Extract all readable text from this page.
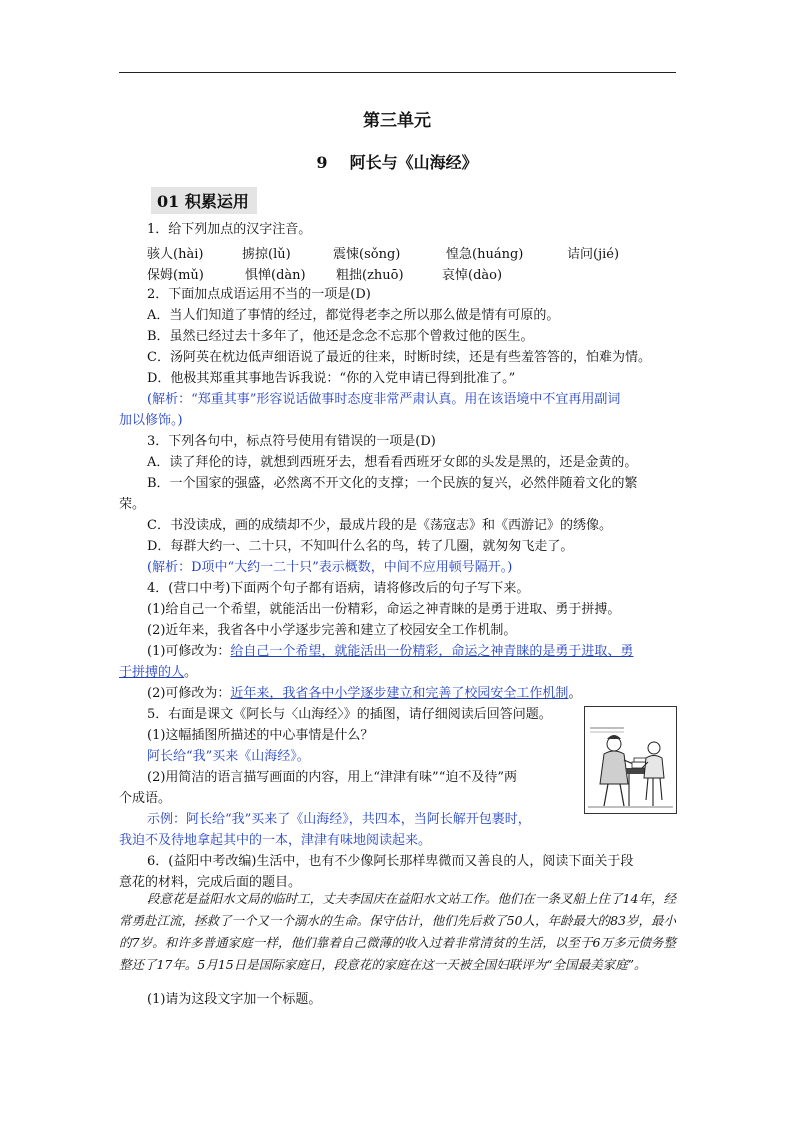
第三单元
9 阿长与《山海经》
01 积累运用
1．给下列加点的汉字注音。
骇人(hài)	掳掠(lǔ)	震悚(sǒng)	惶急(huáng)	诘问(jié)
保姆(mǔ)	惧惮(dàn) 粗拙(zhuō)	哀悼(dào)
2．下面加点成语运用不当的一项是(D)
A．当人们知道了事情的经过，都觉得老李之所以那么做是情有可原的。
B．虽然已经过去十多年了，他还是念念不忘那个曾救过他的医生。
C．汤阿英在枕边低声细语说了最近的往来，时断时续，还是有些羞答答的，怕难为情。
D．他极其郑重其事地告诉我说：“你的入党申请已得到批准了。”
(解析：“郑重其事”形容说话做事时态度非常严肃认真。用在该语境中不宜再用副词
加以修饰。)
3．下列各句中，标点符号使用有错误的一项是(D)
A．读了拜伦的诗，就想到西班牙去，想看看西班牙女郎的头发是黑的，还是金黄的。
B．一个国家的强盛，必然离不开文化的支撑；一个民族的复兴，必然伴随着文化的繁
荣。
C．书没读成，画的成绩却不少，最成片段的是《荡寇志》和《西游记》的绣像。
D．每群大约一、二十只，不知叫什么名的鸟，转了几圈，就匆匆飞走了。
(解析：D项中“大约一二十只”表示概数，中间不应用顿号隔开。)
4．(营口中考)下面两个句子都有语病，请将修改后的句子写下来。
(1)给自己一个希望，就能活出一份精彩，命运之神青睐的是勇于进取、勇于拼搏。
(2)近年来，我省各中小学逐步完善和建立了校园安全工作机制。
(1)可修改为：给自己一个希望，就能活出一份精彩，命运之神青睐的是勇于进取、勇
于拼搏的人。
(2)可修改为：近年来，我省各中小学逐步建立和完善了校园安全工作机制。
5．右面是课文《阿长与〈山海经〉》的插图，请仔细阅读后回答问题。
(1)这幅插图所描述的中心事情是什么？
阿长给“我”买来《山海经》。
(2)用简洁的语言描写画面的内容，用上“津津有味”“迫不及待”两
个成语。
示例：阿长给“我”买来了《山海经》，共四本，当阿长解开包裹时，
我迫不及待地拿起其中的一本，津津有味地阅读起来。
6．(益阳中考改编)生活中，也有不少像阿长那样卑微而又善良的人，阅读下面关于段
意花的材料，完成后面的题目。
段意花是益阳水文局的临时工，丈夫李国庆在益阳水文站工作。他们在一条叉船上住了14年，经常勇赴江流，拯救了一个又一个溺水的生命。保守估计，他们先后救了50人，年龄最大的83岁，最小的7岁。和许多普通家庭一样，他们靠着自己微薄的收入过着非常清贫的生活，以至于6万多元债务整整还了17年。5月15日是国际家庭日，段意花的家庭在这一天被全国妇联评为“全国最美家庭”。
(1)请为这段文字加一个标题。
